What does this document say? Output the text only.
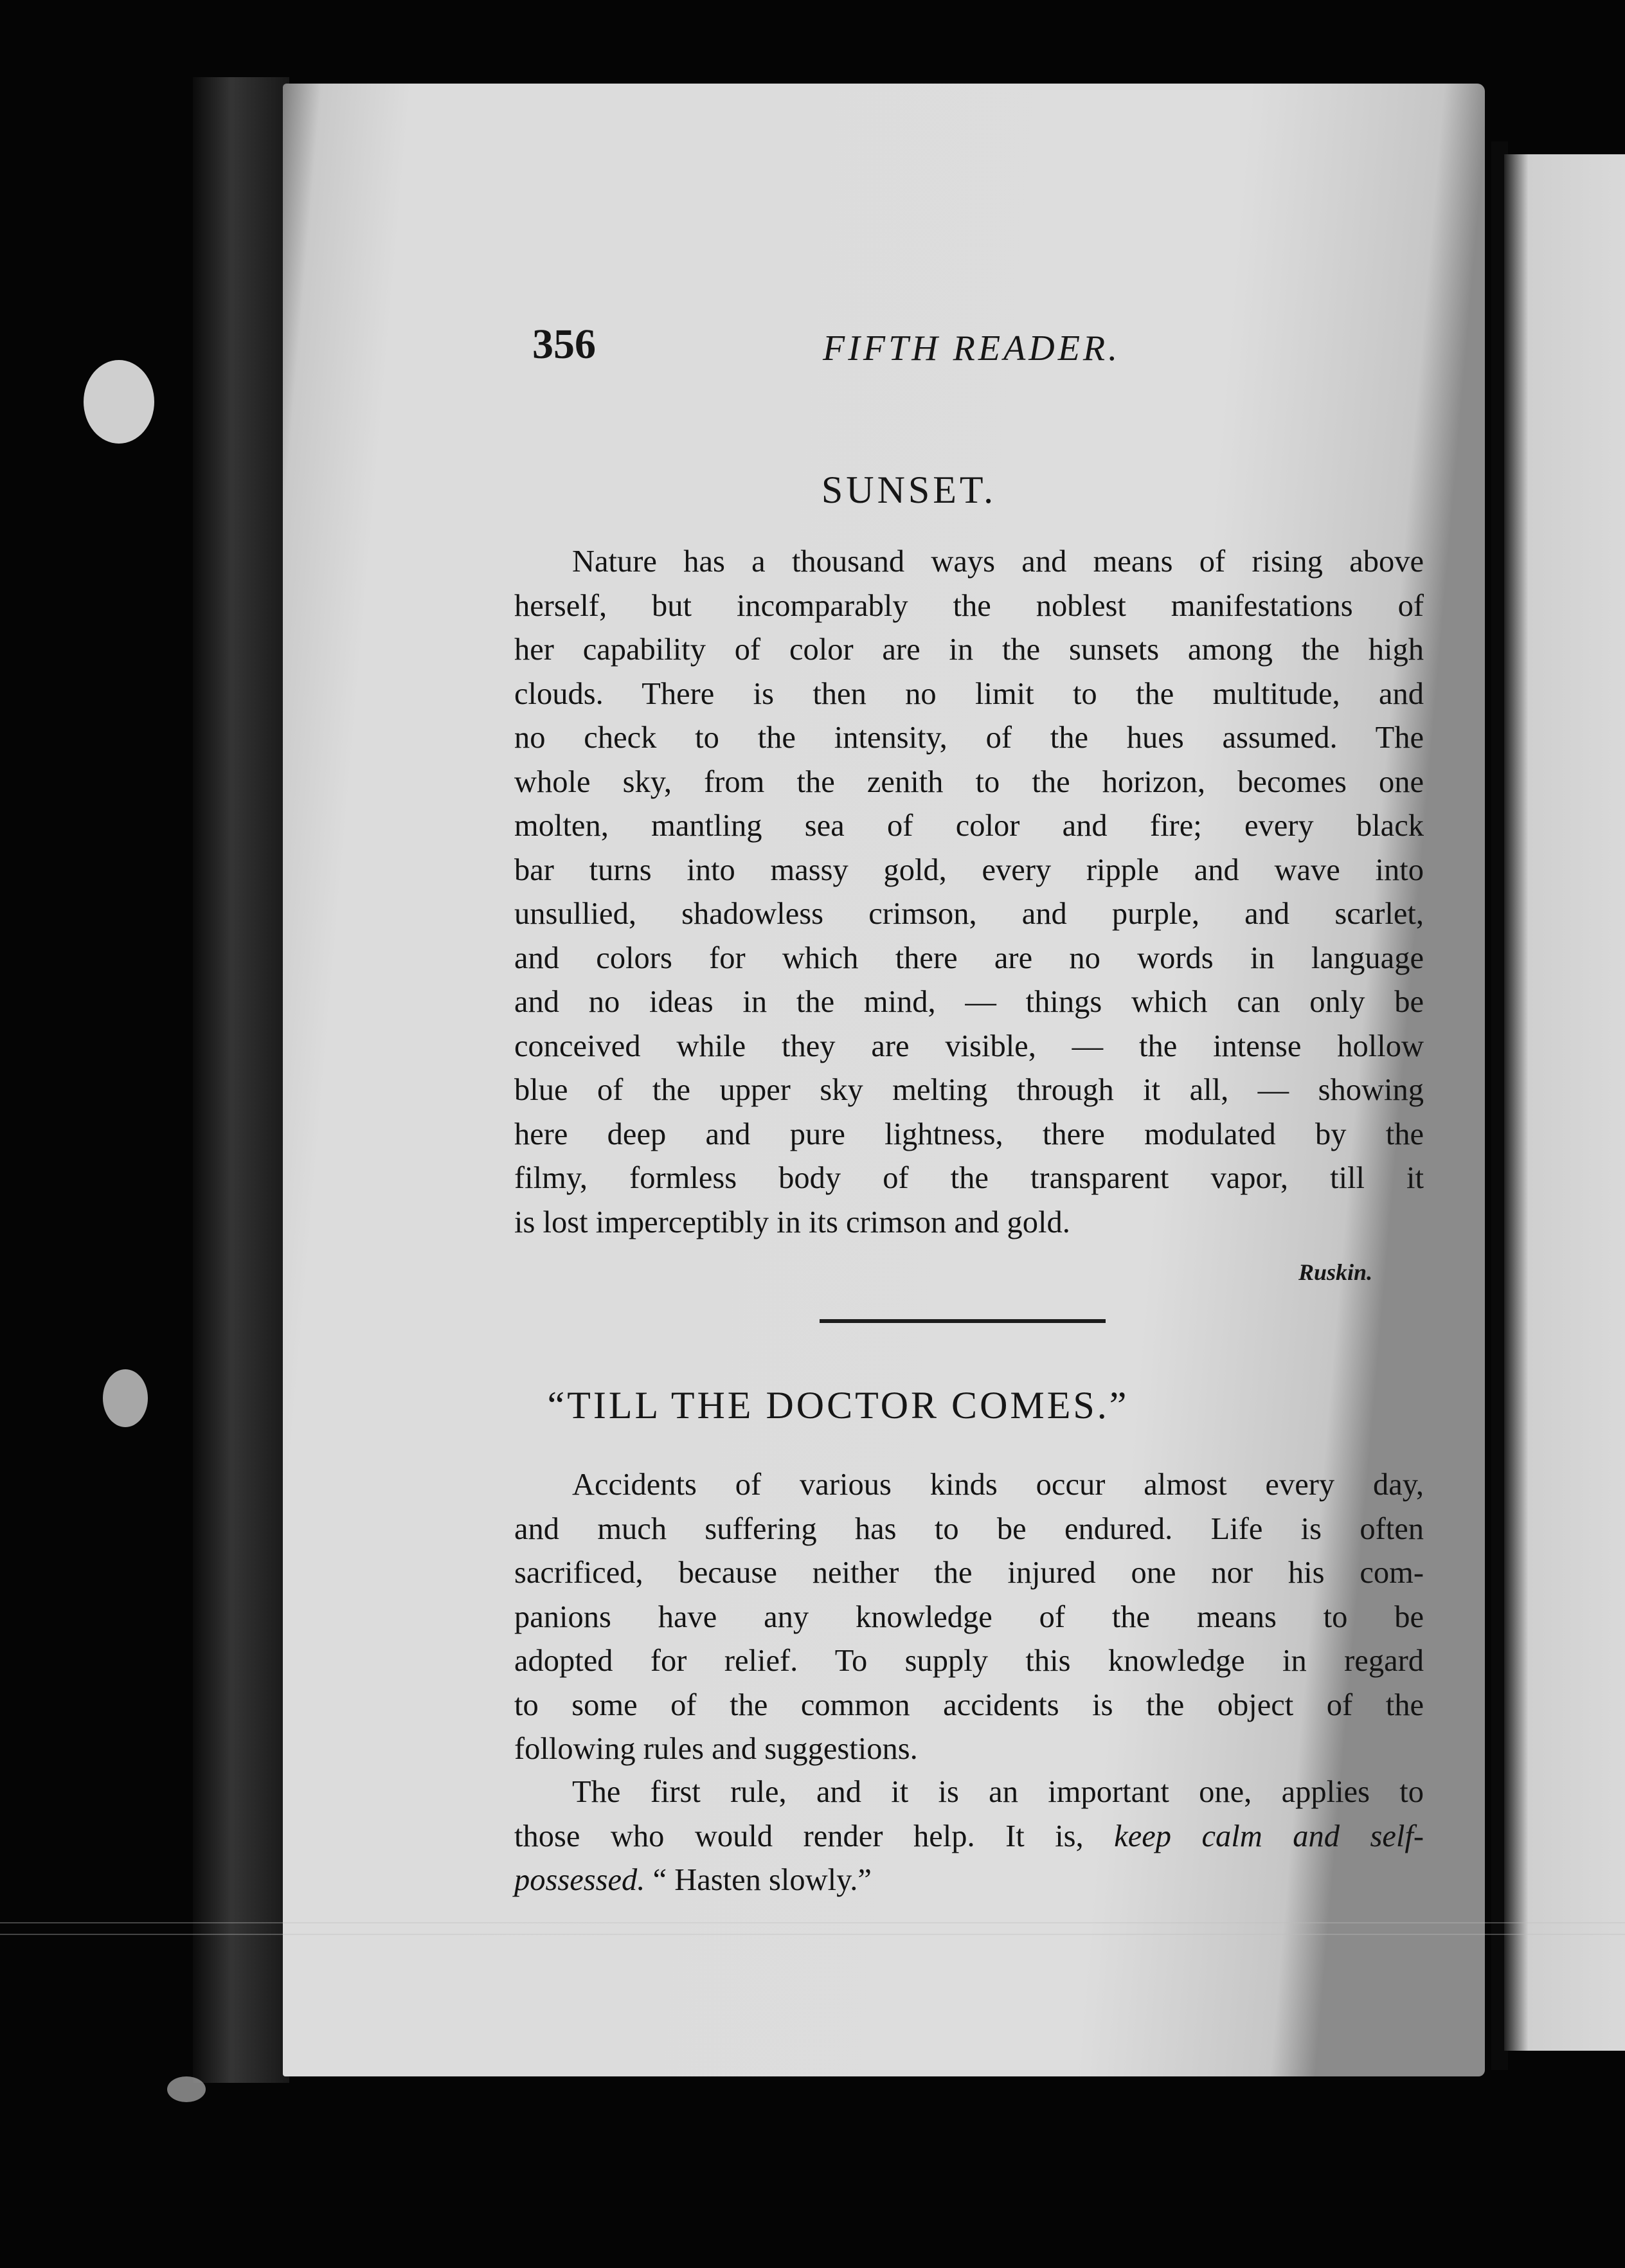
356	FIFTH READER.
SUNSET.
Nature has a thousand ways and means of rising above
herself, but incomparably the noblest manifestations of
her capability of color are in the sunsets among the high
clouds. There is then no limit to the multitude, and
no check to the intensity, of the hues assumed. The
whole sky, from the zenith to the horizon, becomes one
molten, mantling sea of color and fire; every black
bar turns into massy gold, every ripple and wave into
unsullied, shadowless crimson, and purple, and scarlet,
and colors for which there are no words in language
and no ideas in the mind, — things which can only be
conceived while they are visible, — the intense hollow
blue of the upper sky melting through it all, — showing
here deep and pure lightness, there modulated by the
filmy, formless body of the transparent vapor, till it
is lost imperceptibly in its crimson and gold.
Ruskin.
“TILL THE DOCTOR COMES.”
Accidents of various kinds occur almost every day,
and much suffering has to be endured. Life is often
sacrificed, because neither the injured one nor his com-
panions have any knowledge of the means to be
adopted for relief. To supply this knowledge in regard
to some of the common accidents is the object of the
following rules and suggestions.
The first rule, and it is an important one, applies to
those who would render help. It is, keep calm and self-
possessed. “ Hasten slowly.”
